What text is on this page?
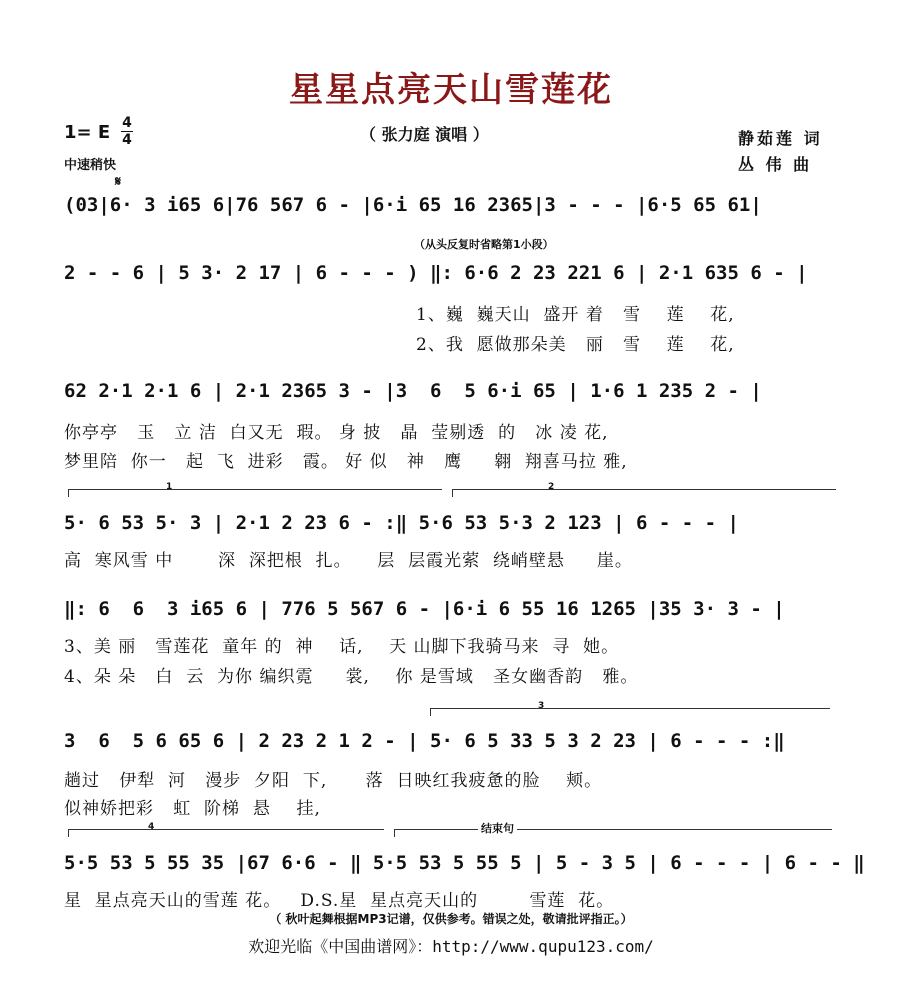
星星点亮天山雪莲花
（ 张力庭 演唱 ）
1= E 4
4
中速稍快
静茹莲 词
丛 伟 曲
𝄋
(03|6· 3 i65 6|76 567 6 - |6·i 65 16 2365|3 - - - |6·5 65 61|
（从头反复时省略第1小段）
2 - - 6 | 5 3· 2 17 | 6 - - - ) ‖: 6·6 2 23 221 6 | 2·1 635 6 - |
1、巍  巍天山  盛开 着   雪    莲    花,
2、我  愿做那朵美   丽   雪    莲    花,
62 2·1 2·1 6 | 2·1 2365 3 - |3  6  5 6·i 65 | 1·6 1 235 2 - |
你亭亭   玉   立 洁  白又无  瑕。 身 披   晶  莹剔透  的   冰 凌 花,
梦里陪  你一   起  飞  进彩   霞。 好 似   神   鹰     翱  翔喜马拉 雅,
1	2
5· 6 53 5· 3 | 2·1 2 23 6 - :‖ 5·6 53 5·3 2 123 | 6 - - - |
高  寒风雪 中       深  深把根  扎。    层  层霞光萦  绕峭壁悬     崖。
‖: 6  6  3 i65 6 | 776 5 567 6 - |6·i 6 55 16 1265 |35 3· 3 - |
3、美 丽   雪莲花  童年 的  神    话,    天 山脚下我骑马来  寻  她。
4、朵 朵   白  云  为你 编织霓     裳,    你 是雪域   圣女幽香韵   雅。
3
3  6  5 6 65 6 | 2 23 2 1 2 - | 5· 6 5 33 5 3 2 23 | 6 - - - :‖
趟过   伊犁  河   漫步  夕阳  下,      落  日映红我疲惫的脸    颊。
似神娇把彩   虹  阶梯  悬    挂,
4	结束句
5·5 53 5 55 35 |67 6·6 - ‖ 5·5 53 5 55 5 | 5 - 3 5 | 6 - - - | 6 - - ‖
星  星点亮天山的雪莲 花。   D.S.星  星点亮天山的        雪莲  花。
（ 秋叶起舞根据MP3记谱，仅供参考。错误之处，敬请批评指正。）
欢迎光临《中国曲谱网》：http://www.qupu123.com/
